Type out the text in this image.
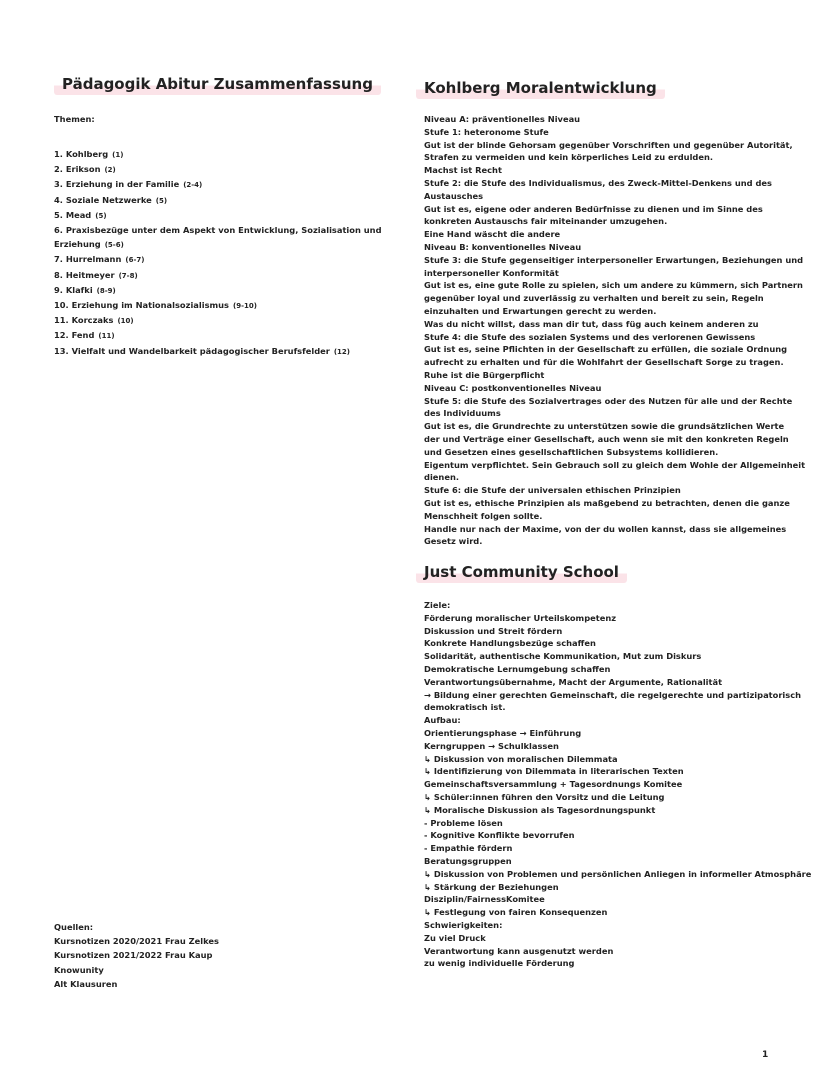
Pädagogik Abitur Zusammenfassung
Themen:
1. Kohlberg (1)
2. Erikson (2)
3. Erziehung in der Familie (2-4)
4. Soziale Netzwerke (5)
5. Mead (5)
6. Praxisbezüge unter dem Aspekt von Entwicklung, Sozialisation und Erziehung (5-6)
7. Hurrelmann (6-7)
8. Heitmeyer (7-8)
9. Klafki (8-9)
10. Erziehung im Nationalsozialismus (9-10)
11. Korczaks (10)
12. Fend (11)
13. Vielfalt und Wandelbarkeit pädagogischer Berufsfelder (12)
Quellen:
Kursnotizen 2020/2021 Frau Zelkes
Kursnotizen 2021/2022 Frau Kaup
Knowunity
Alt Klausuren
Kohlberg Moralentwicklung
Niveau A: präventionelles Niveau
Stufe 1: heteronome Stufe
Gut ist der blinde Gehorsam gegenüber Vorschriften und gegenüber Autorität,
Strafen zu vermeiden und kein körperliches Leid zu erdulden.
Machst ist Recht
Stufe 2: die Stufe des Individualismus, des Zweck-Mittel-Denkens und des
Austausches
Gut ist es, eigene oder anderen Bedürfnisse zu dienen und im Sinne des
konkreten Austauschs fair miteinander umzugehen.
Eine Hand wäscht die andere
Niveau B: konventionelles Niveau
Stufe 3: die Stufe gegenseitiger interpersoneller Erwartungen, Beziehungen und
interpersoneller Konformität
Gut ist es, eine gute Rolle zu spielen, sich um andere zu kümmern, sich Partnern
gegenüber loyal und zuverlässig zu verhalten und bereit zu sein, Regeln
einzuhalten und Erwartungen gerecht zu werden.
Was du nicht willst, dass man dir tut, dass füg auch keinem anderen zu
Stufe 4: die Stufe des sozialen Systems und des verlorenen Gewissens
Gut ist es, seine Pflichten in der Gesellschaft zu erfüllen, die soziale Ordnung
aufrecht zu erhalten und für die Wohlfahrt der Gesellschaft Sorge zu tragen.
Ruhe ist die Bürgerpflicht
Niveau C: postkonventionelles Niveau
Stufe 5: die Stufe des Sozialvertrages oder des Nutzen für alle und der Rechte
des Individuums
Gut ist es, die Grundrechte zu unterstützen sowie die grundsätzlichen Werte
der und Verträge einer Gesellschaft, auch wenn sie mit den konkreten Regeln
und Gesetzen eines gesellschaftlichen Subsystems kollidieren.
Eigentum verpflichtet. Sein Gebrauch soll zu gleich dem Wohle der Allgemeinheit
dienen.
Stufe 6: die Stufe der universalen ethischen Prinzipien
Gut ist es, ethische Prinzipien als maßgebend zu betrachten, denen die ganze
Menschheit folgen sollte.
Handle nur nach der Maxime, von der du wollen kannst, dass sie allgemeines
Gesetz wird.
Just Community School
Ziele:
Förderung moralischer Urteilskompetenz
Diskussion und Streit fördern
Konkrete Handlungsbezüge schaffen
Solidarität, authentische Kommunikation, Mut zum Diskurs
Demokratische Lernumgebung schaffen
Verantwortungsübernahme, Macht der Argumente, Rationalität
→ Bildung einer gerechten Gemeinschaft, die regelgerechte und partizipatorisch
demokratisch ist.
Aufbau:
Orientierungsphase → Einführung
Kerngruppen → Schulklassen
↳ Diskussion von moralischen Dilemmata
↳ Identifizierung von Dilemmata in literarischen Texten
Gemeinschaftsversammlung + Tagesordnungs Komitee
↳ Schüler:innen führen den Vorsitz und die Leitung
↳ Moralische Diskussion als Tagesordnungspunkt
- Probleme lösen
- Kognitive Konflikte bevorrufen
- Empathie fördern
Beratungsgruppen
↳ Diskussion von Problemen und persönlichen Anliegen in informeller Atmosphäre
↳ Stärkung der Beziehungen
Disziplin/FairnessKomitee
↳ Festlegung von fairen Konsequenzen
Schwierigkeiten:
Zu viel Druck
Verantwortung kann ausgenutzt werden
zu wenig individuelle Förderung
1
